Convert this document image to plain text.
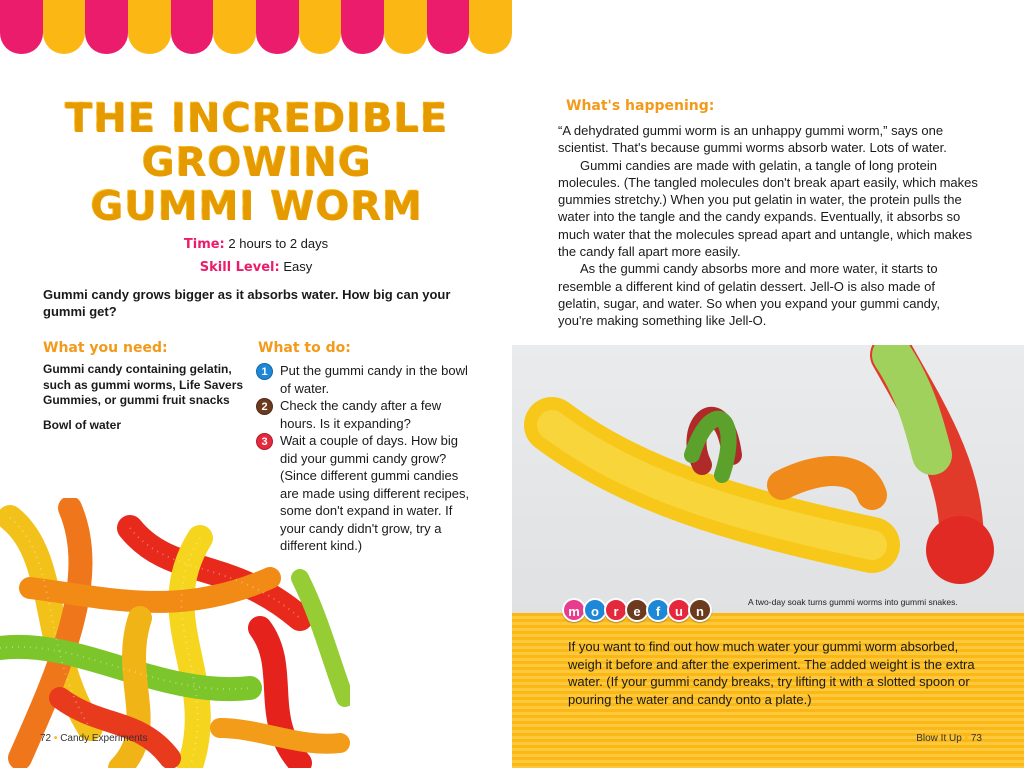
THE INCREDIBLE
GROWING
GUMMI WORM
Time: 2 hours to 2 days
Skill Level: Easy
Gummi candy grows bigger as it absorbs water. How big can your gummi get?
What you need:

Gummi candy containing gelatin, such as gummi worms, Life Savers Gummies, or gummi fruit snacks

Bowl of water

What to do:
1 Put the gummi candy in the bowl of water.
2 Check the candy after a few hours. Is it expanding?
3 Wait a couple of days. How big did your gummi candy grow? (Since different gummi candies are made using different recipes, some don't expand in water. If your candy didn't grow, try a different kind.)
72 • Candy Experiments
What's happening:

“A dehydrated gummi worm is an unhappy gummi worm,” says one scientist. That's because gummi worms absorb water. Lots of water.

Gummi candies are made with gelatin, a tangle of long protein molecules. (The tangled molecules don't break apart easily, which makes gummies stretchy.) When you put gelatin in water, the protein pulls the water into the tangle and the candy expands. Eventually, it absorbs so much water that the molecules spread apart and untangle, which makes the candy fall apart more easily.

As the gummi candy absorbs more and more water, it starts to resemble a different kind of gelatin dessert. Jell-O is also made of gelatin, sugar, and water. So when you expand your gummi candy, you're making something like Jell-O.

A two-day soak turns gummi worms into gummi snakes.
m o	r	e	f	u	n
If you want to find out how much water your gummi worm absorbed, weigh it before and after the experiment. The added weight is the extra water. (If your gummi candy breaks, try lifting it with a slotted spoon or pouring the water and candy onto a plate.)
Blow It Up • 73
